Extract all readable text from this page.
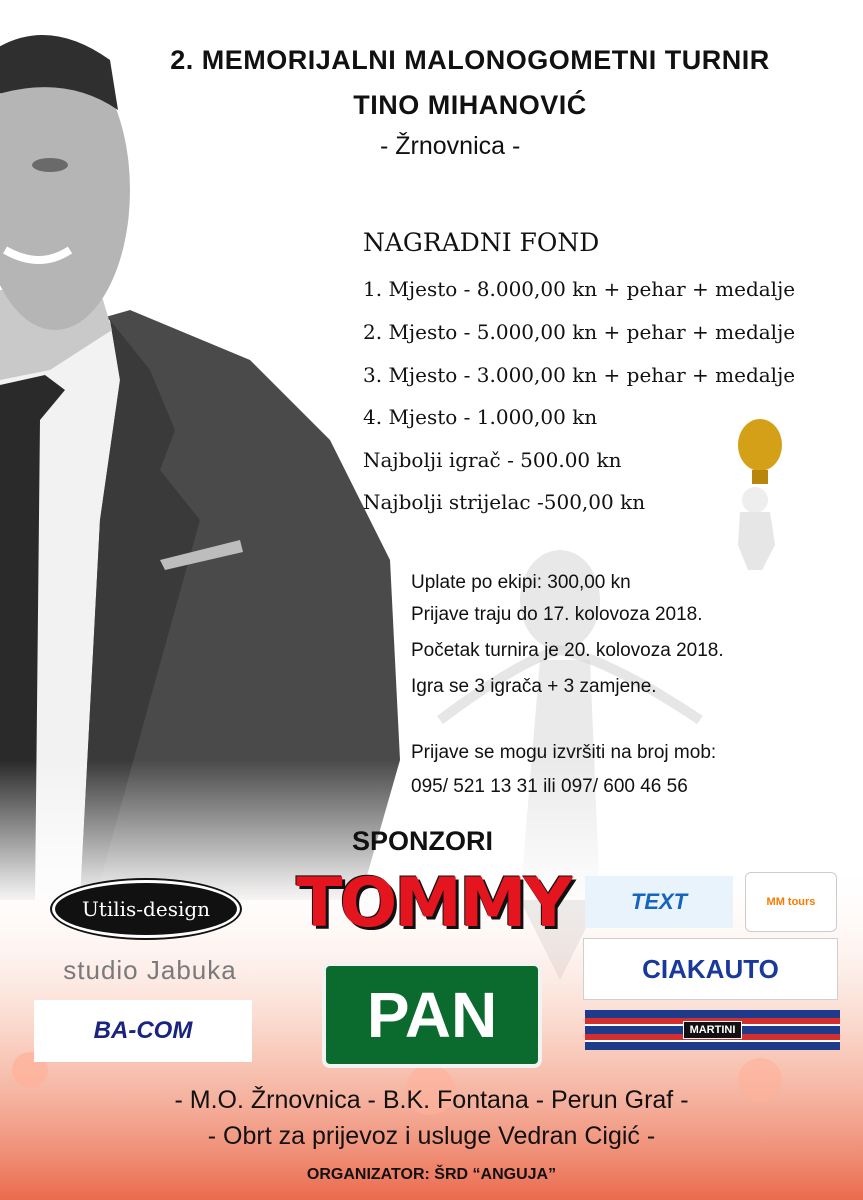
2. MEMORIJALNI MALONOGOMETNI TURNIR
TINO MIHANOVIĆ
- Žrnovnica -
NAGRADNI FOND
1. Mjesto - 8.000,00 kn + pehar + medalje
2. Mjesto - 5.000,00 kn + pehar + medalje
3. Mjesto - 3.000,00 kn + pehar + medalje
4. Mjesto - 1.000,00 kn
Najbolji igrač - 500.00 kn
Najbolji strijelac -500,00 kn
Uplate po ekipi: 300,00 kn
Prijave traju do 17. kolovoza 2018.
Početak turnira je 20. kolovoza 2018.
Igra se 3 igrača + 3 zamjene.
Prijave se mogu izvršiti na broj mob:
095/ 521 13 31 ili 097/ 600 46 56
SPONZORI
Utilis-design
studio Jabuka
BA-COM
TOMMY
PAN
TEXT	MM tours
CIAKAUTO
MARTINI
- M.O. Žrnovnica - B.K. Fontana - Perun Graf -
- Obrt za prijevoz i usluge Vedran Cigić -
ORGANIZATOR: ŠRD “ANGUJA”
